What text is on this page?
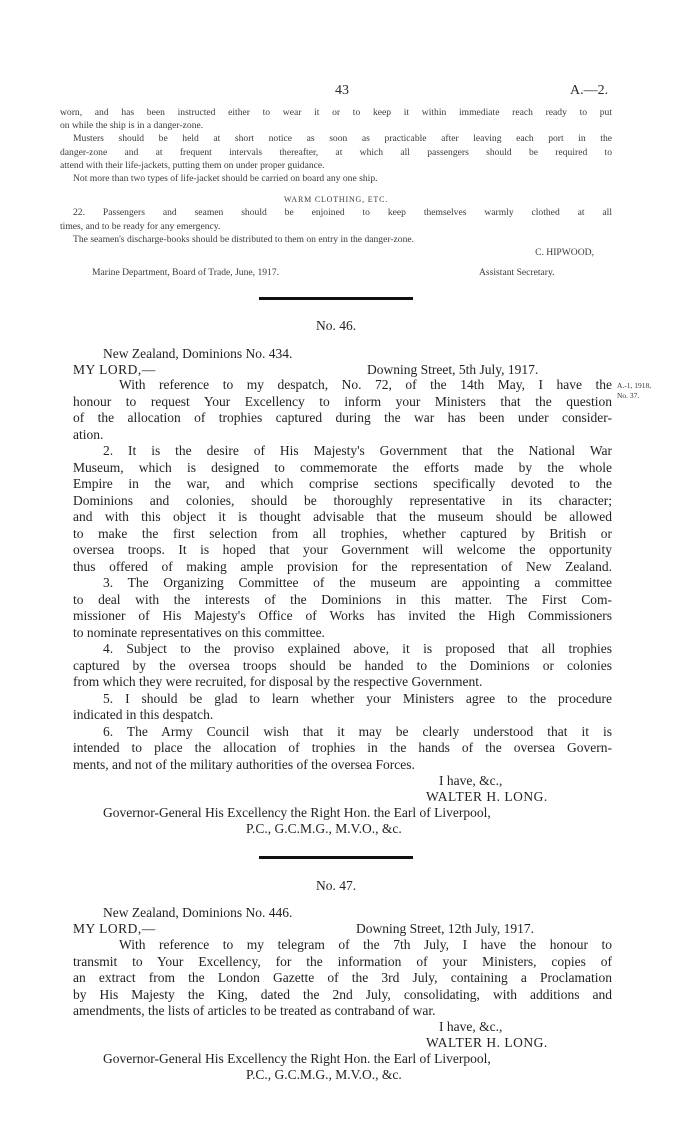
43	A.—2.
worn, and has been instructed either to wear it or to keep it within immediate reach ready to put
on while the ship is in a danger-zone.
Musters should be held at short notice as soon as practicable after leaving each port in the
danger-zone and at frequent intervals thereafter, at which all passengers should be required to
attend with their life-jackets, putting them on under proper guidance.
Not more than two types of life-jacket should be carried on board any one ship.
WARM CLOTHING, ETC.
22. Passengers and seamen should be enjoined to keep themselves warmly clothed at all
times, and to be ready for any emergency.
The seamen's discharge-books should be distributed to them on entry in the danger-zone.
C. HIPWOOD,
Marine Department, Board of Trade, June, 1917.	Assistant Secretary.
No. 46.
New Zealand, Dominions No. 434.
MY LORD,—	Downing Street, 5th July, 1917.
A.-1, 1918,
No. 37.
With reference to my despatch, No. 72, of the 14th May, I have the
honour to request Your Excellency to inform your Ministers that the question
of the allocation of trophies captured during the war has been under consider-
ation.
2. It is the desire of His Majesty's Government that the National War
Museum, which is designed to commemorate the efforts made by the whole
Empire in the war, and which comprise sections specifically devoted to the
Dominions and colonies, should be thoroughly representative in its character;
and with this object it is thought advisable that the museum should be allowed
to make the first selection from all trophies, whether captured by British or
oversea troops. It is hoped that your Government will welcome the opportunity
thus offered of making ample provision for the representation of New Zealand.
3. The Organizing Committee of the museum are appointing a committee
to deal with the interests of the Dominions in this matter. The First Com-
missioner of His Majesty's Office of Works has invited the High Commissioners
to nominate representatives on this committee.
4. Subject to the proviso explained above, it is proposed that all trophies
captured by the oversea troops should be handed to the Dominions or colonies
from which they were recruited, for disposal by the respective Government.
5. I should be glad to learn whether your Ministers agree to the procedure
indicated in this despatch.
6. The Army Council wish that it may be clearly understood that it is
intended to place the allocation of trophies in the hands of the oversea Govern-
ments, and not of the military authorities of the oversea Forces.
I have, &c.,
WALTER H. LONG.
Governor-General His Excellency the Right Hon. the Earl of Liverpool,
P.C., G.C.M.G., M.V.O., &c.
No. 47.
New Zealand, Dominions No. 446.
MY LORD,—	Downing Street, 12th July, 1917.
With reference to my telegram of the 7th July, I have the honour to
transmit to Your Excellency, for the information of your Ministers, copies of
an extract from the London Gazette of the 3rd July, containing a Proclamation
by His Majesty the King, dated the 2nd July, consolidating, with additions and
amendments, the lists of articles to be treated as contraband of war.
I have, &c.,
WALTER H. LONG.
Governor-General His Excellency the Right Hon. the Earl of Liverpool,
P.C., G.C.M.G., M.V.O., &c.
